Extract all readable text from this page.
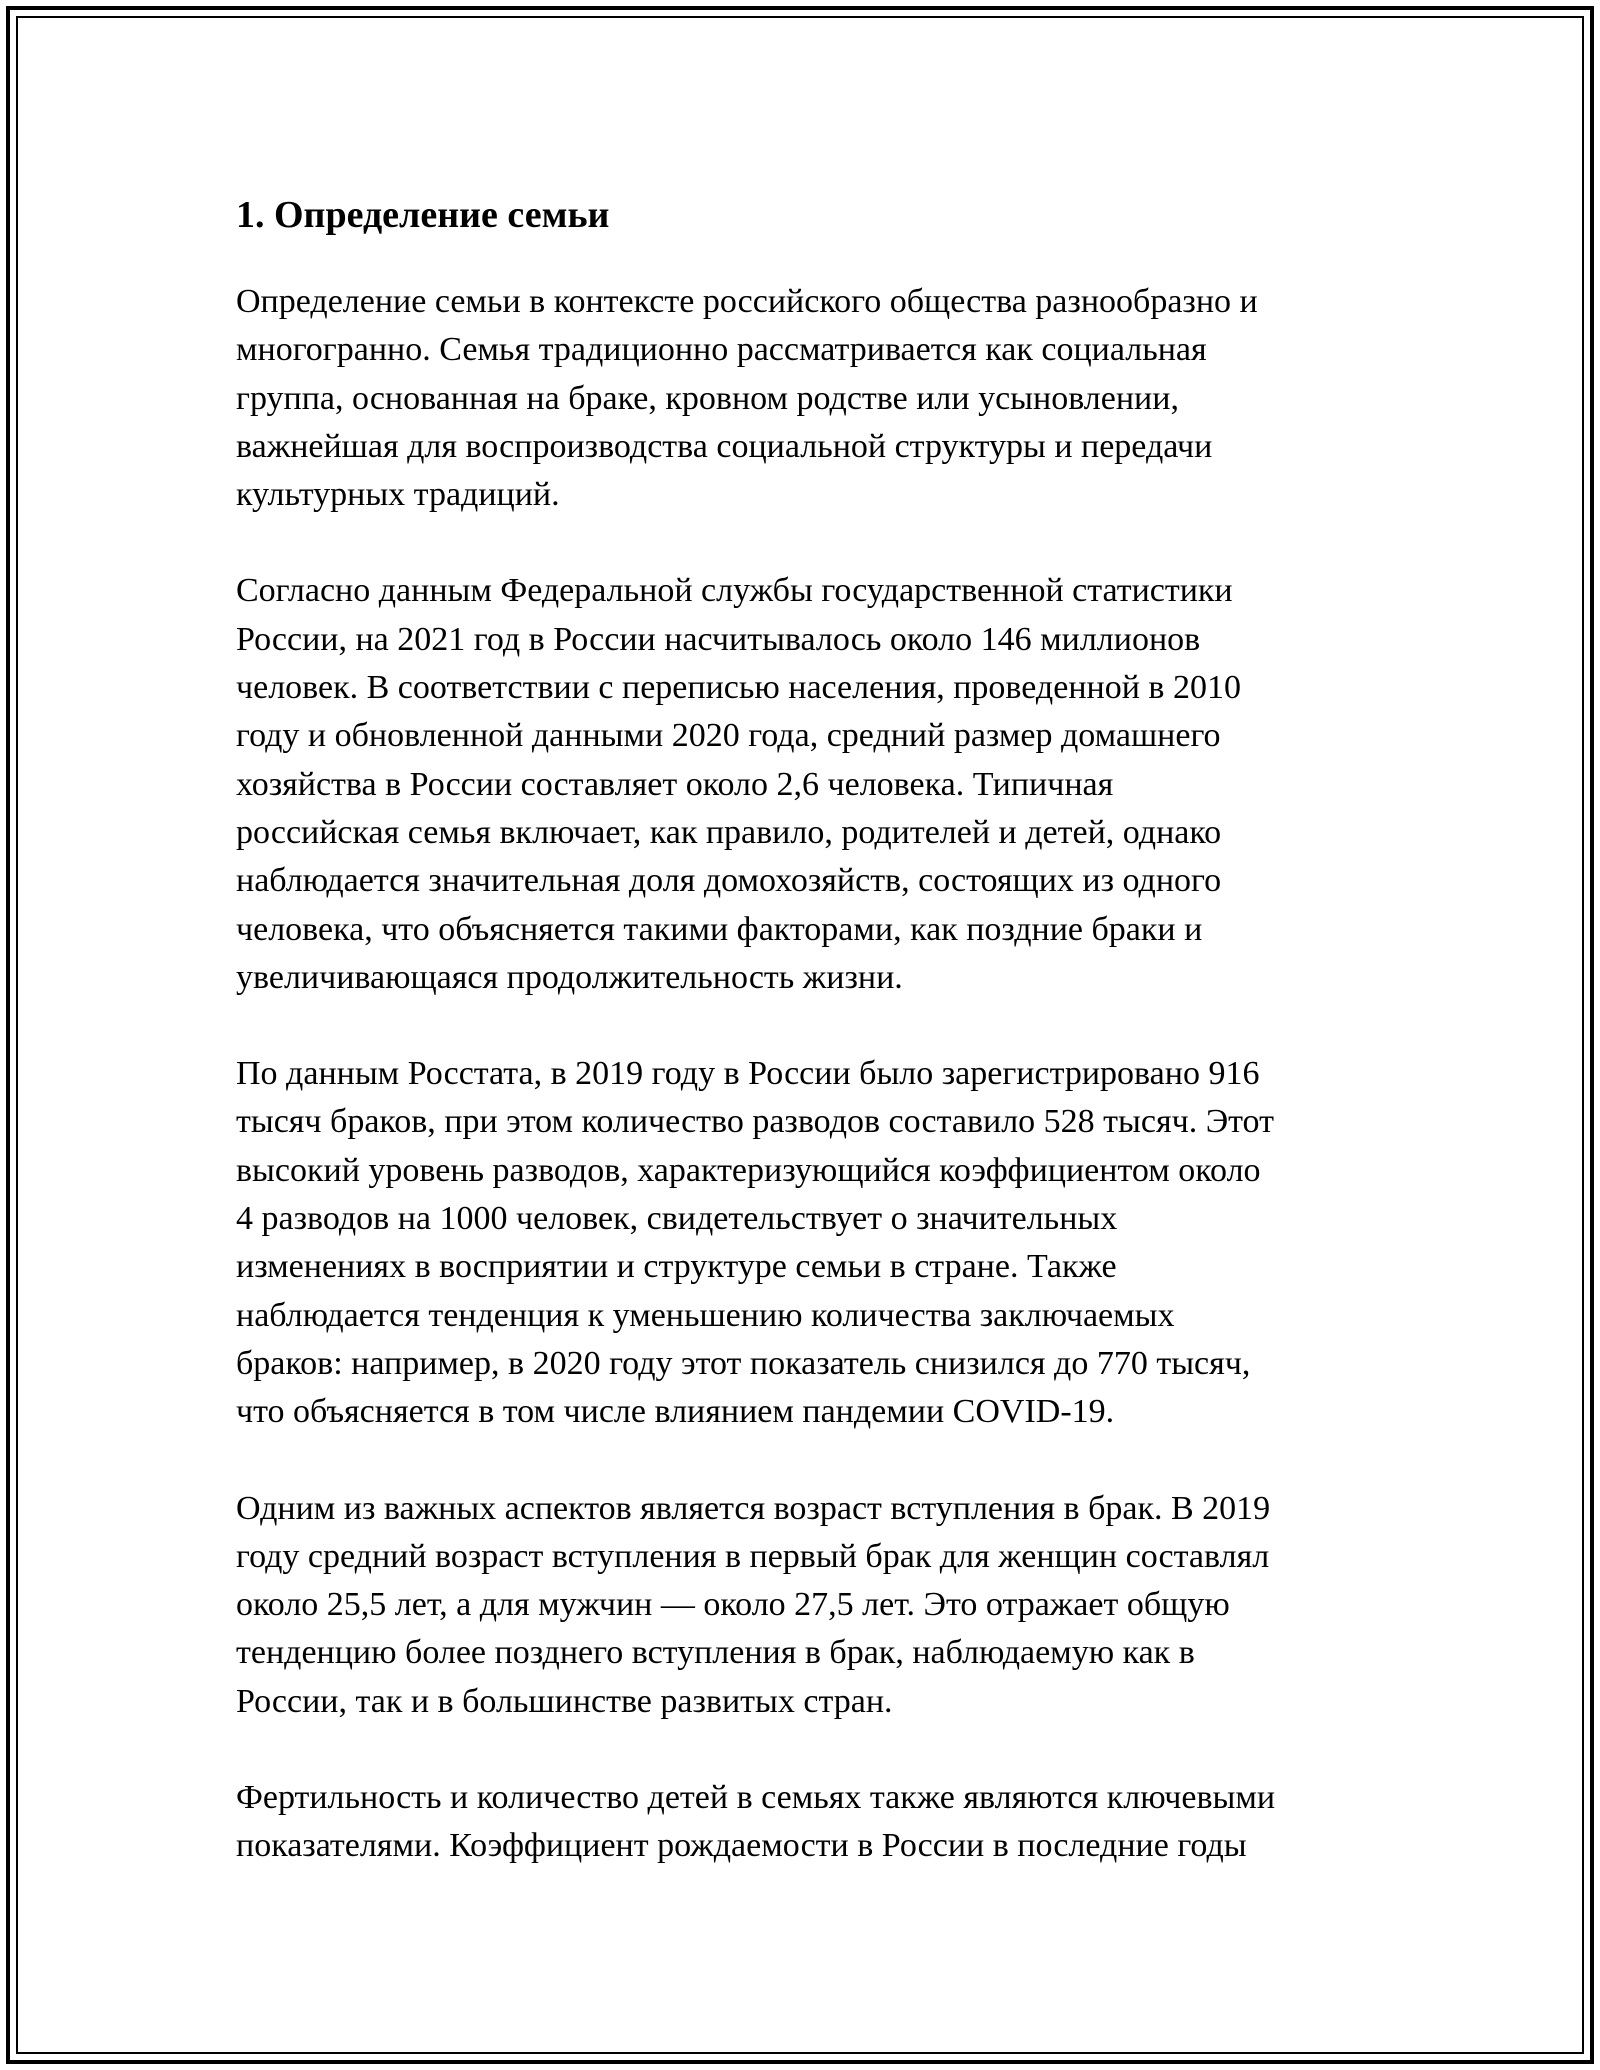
1. Определение семьи

Определение семьи в контексте российского общества разнообразно и
многогранно. Семья традиционно рассматривается как социальная
группа, основанная на браке, кровном родстве или усыновлении,
важнейшая для воспроизводства социальной структуры и передачи
культурных традиций.

Согласно данным Федеральной службы государственной статистики
России, на 2021 год в России насчитывалось около 146 миллионов
человек. В соответствии с переписью населения, проведенной в 2010
году и обновленной данными 2020 года, средний размер домашнего
хозяйства в России составляет около 2,6 человека. Типичная
российская семья включает, как правило, родителей и детей, однако
наблюдается значительная доля домохозяйств, состоящих из одного
человека, что объясняется такими факторами, как поздние браки и
увеличивающаяся продолжительность жизни.

По данным Росстата, в 2019 году в России было зарегистрировано 916
тысяч браков, при этом количество разводов составило 528 тысяч. Этот
высокий уровень разводов, характеризующийся коэффициентом около
4 разводов на 1000 человек, свидетельствует о значительных
изменениях в восприятии и структуре семьи в стране. Также
наблюдается тенденция к уменьшению количества заключаемых
браков: например, в 2020 году этот показатель снизился до 770 тысяч,
что объясняется в том числе влиянием пандемии COVID-19.

Одним из важных аспектов является возраст вступления в брак. В 2019
году средний возраст вступления в первый брак для женщин составлял
около 25,5 лет, а для мужчин — около 27,5 лет. Это отражает общую
тенденцию более позднего вступления в брак, наблюдаемую как в
России, так и в большинстве развитых стран.

Фертильность и количество детей в семьях также являются ключевыми
показателями. Коэффициент рождаемости в России в последние годы
